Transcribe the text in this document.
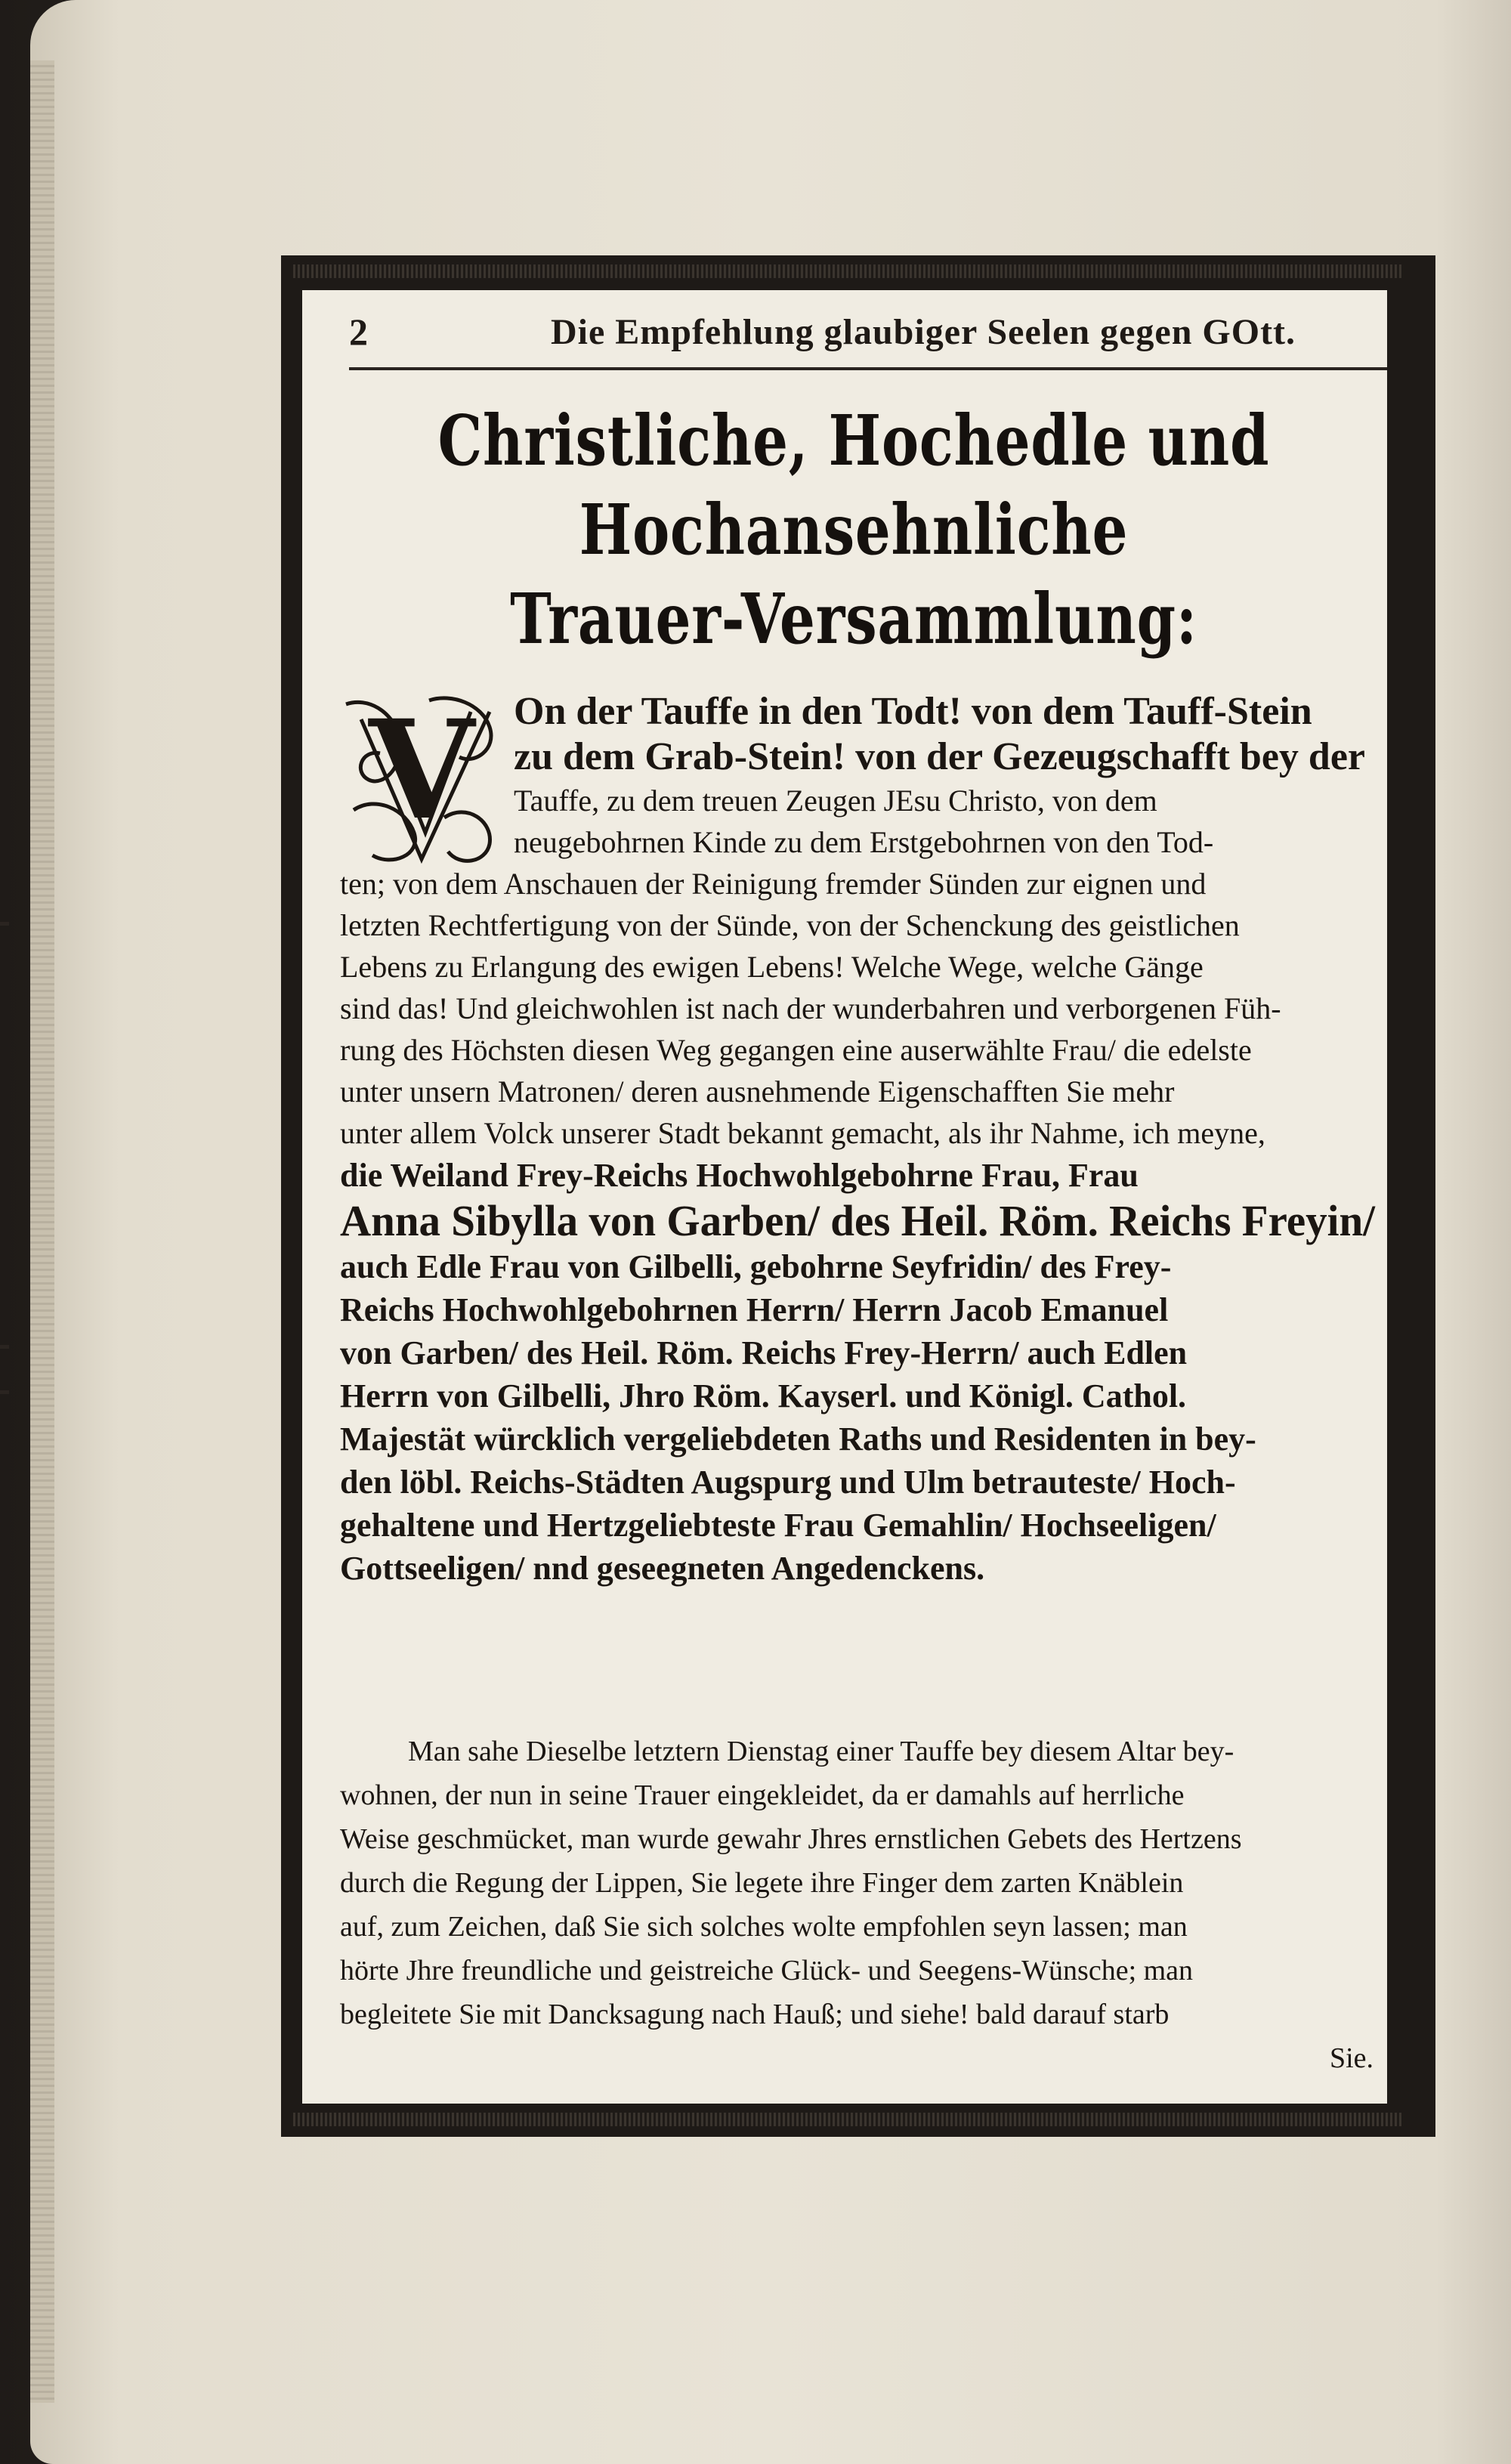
2	Die Empfehlung glaubiger Seelen gegen GOtt.
Christliche, Hochedle und Hochansehnliche
Trauer-Versammlung:
V	On der Tauffe in den Todt! von dem Tauff-Stein
zu dem Grab-Stein! von der Gezeugschafft bey der
Tauffe, zu dem treuen Zeugen JEsu Christo, von dem
neugebohrnen Kinde zu dem Erstgebohrnen von den Tod-
ten; von dem Anschauen der Reinigung fremder Sünden zur eignen und
letzten Rechtfertigung von der Sünde, von der Schenckung des geistlichen
Lebens zu Erlangung des ewigen Lebens! Welche Wege, welche Gänge
sind das! Und gleichwohlen ist nach der wunderbahren und verborgenen Füh-
rung des Höchsten diesen Weg gegangen eine auserwählte Frau/ die edelste
unter unsern Matronen/ deren ausnehmende Eigenschafften Sie mehr
unter allem Volck unserer Stadt bekannt gemacht, als ihr Nahme, ich meyne,
die Weiland Frey-Reichs Hochwohlgebohrne Frau, Frau
Anna Sibylla von Garben/ des Heil. Röm. Reichs Freyin/
auch Edle Frau von Gilbelli, gebohrne Seyfridin/ des Frey-
Reichs Hochwohlgebohrnen Herrn/ Herrn Jacob Emanuel
von Garben/ des Heil. Röm. Reichs Frey-Herrn/ auch Edlen
Herrn von Gilbelli, Jhro Röm. Kayserl. und Königl. Cathol.
Majestät würcklich vergeliebdeten Raths und Residenten in bey-
den löbl. Reichs-Städten Augspurg und Ulm betrauteste/ Hoch-
gehaltene und Hertzgeliebteste Frau Gemahlin/ Hochseeligen/
Gottseeligen/ nnd geseegneten Angedenckens.
Man sahe Dieselbe letztern Dienstag einer Tauffe bey diesem Altar bey-
wohnen, der nun in seine Trauer eingekleidet, da er damahls auf herrliche
Weise geschmücket, man wurde gewahr Jhres ernstlichen Gebets des Hertzens
durch die Regung der Lippen, Sie legete ihre Finger dem zarten Knäblein
auf, zum Zeichen, daß Sie sich solches wolte empfohlen seyn lassen; man
hörte Jhre freundliche und geistreiche Glück- und Seegens-Wünsche; man
begleitete Sie mit Dancksagung nach Hauß; und siehe! bald darauf starb
Sie.
